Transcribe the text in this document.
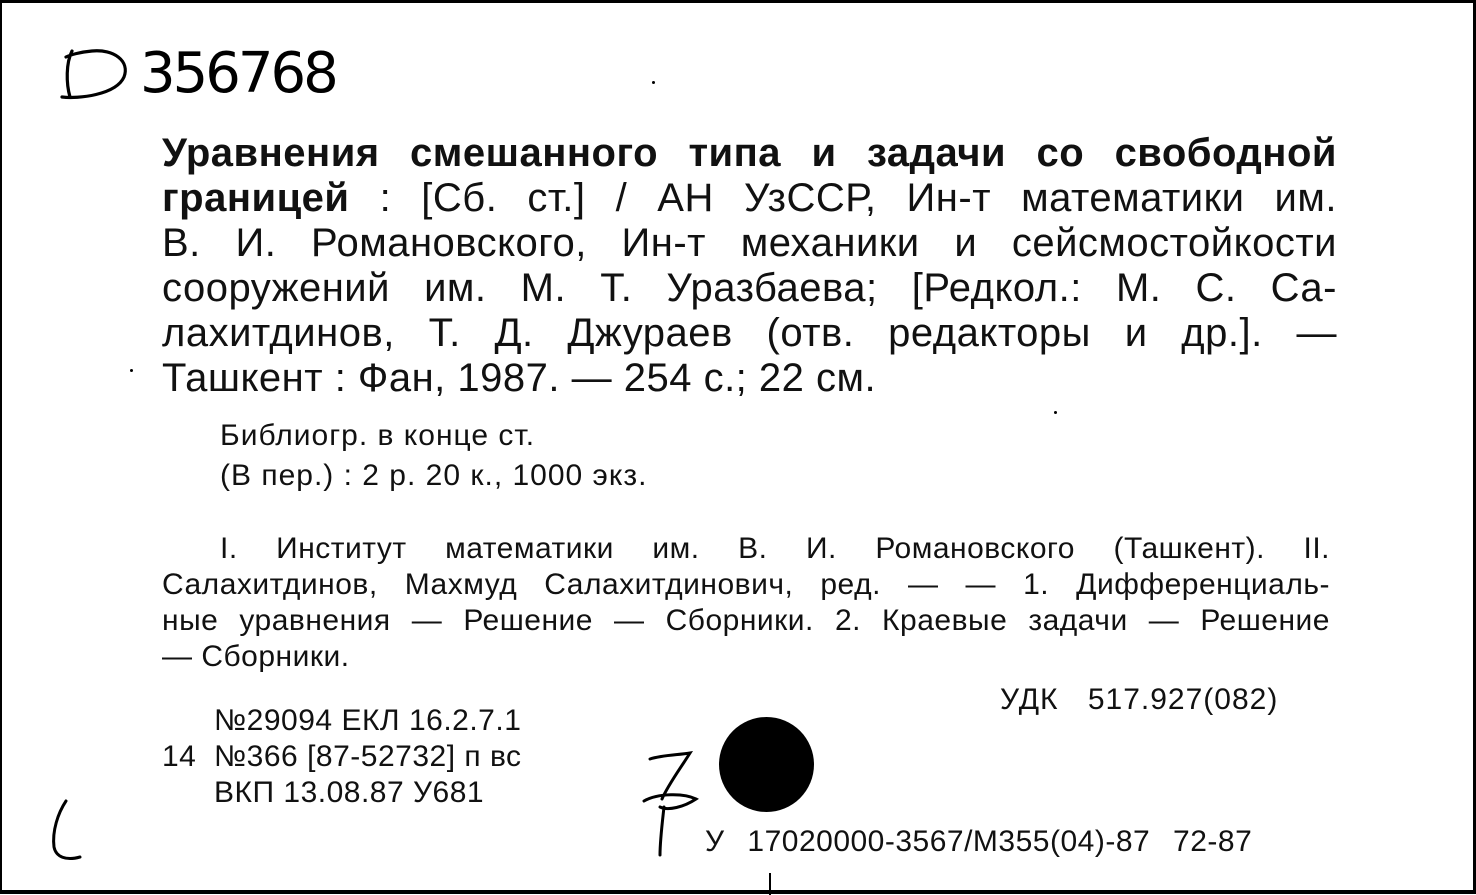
356768
Уравнения смешанного типа и задачи со свободной
границей : [Сб. ст.] / АН УзССР, Ин-т математики им.
В. И. Романовского, Ин-т механики и сейсмостойкости
сооружений им. М. Т. Уразбаева; [Редкол.: М. С. Са-
лахитдинов, Т. Д. Джураев (отв. редакторы и др.]. —
Ташкент : Фан, 1987. — 254 с.; 22 см.
Библиогр. в конце ст.
(В пер.) : 2 р. 20 к., 1000 экз.
I. Институт математики им. В. И. Романовского (Ташкент). II.
Салахитдинов, Махмуд Салахитдинович, ред. — — 1. Дифференциаль-
ные уравнения — Решение — Сборники. 2. Краевые задачи — Решение
— Сборники.
УДК 517.927(082)
№29094 ЕКЛ 16.2.7.1
14 №366 [87-52732] п вс
ВКП 13.08.87 У681
У 17020000-3567/М355(04)-87 72-87
